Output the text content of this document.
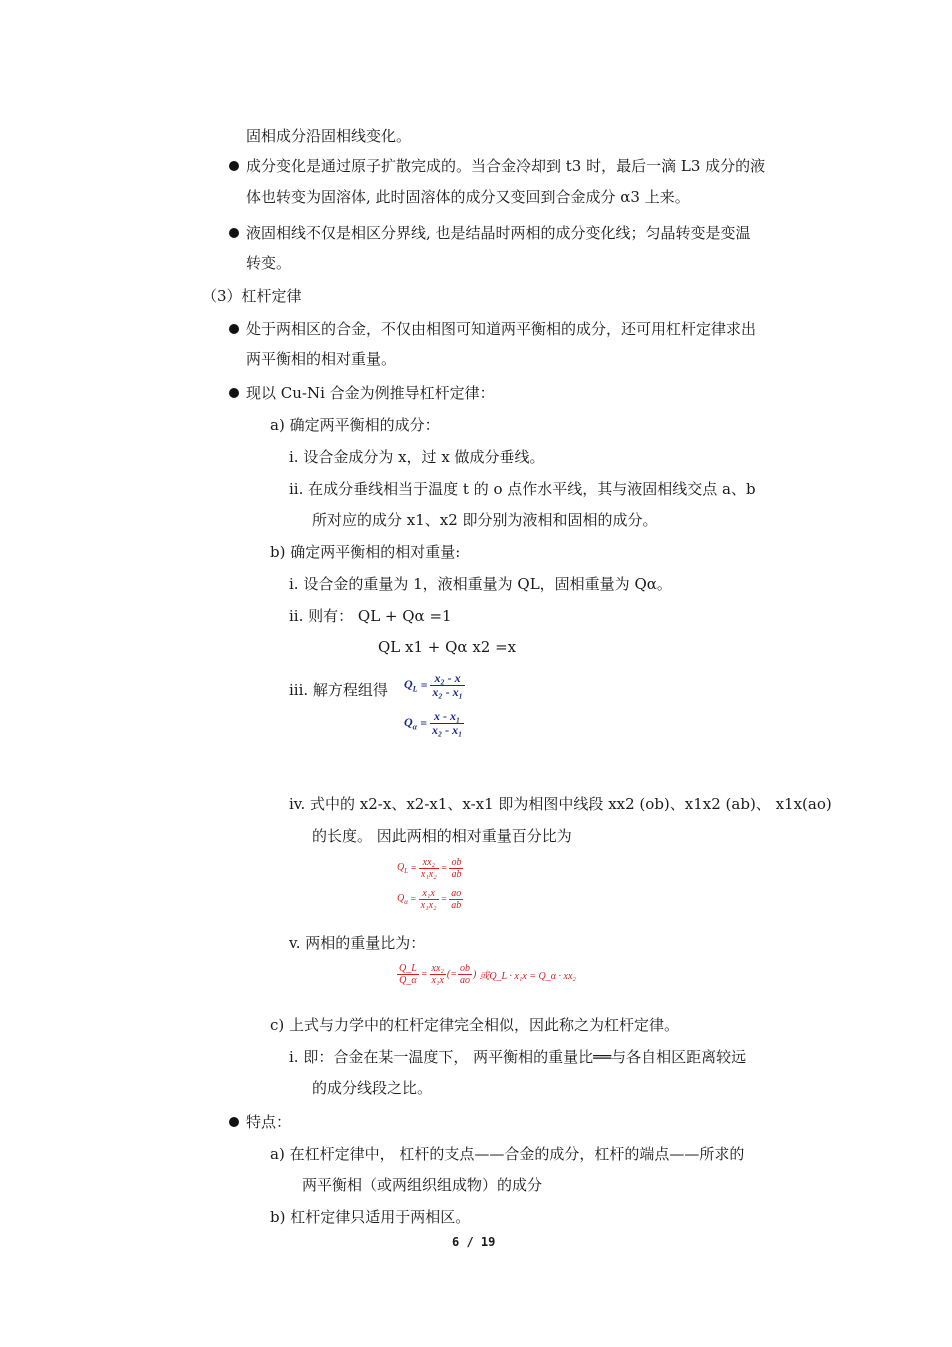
固相成分沿固相线变化。
成分变化是通过原子扩散完成的。当合金冷却到 t3 时，最后一滴 L3 成分的液
体也转变为固溶体, 此时固溶体的成分又变回到合金成分 α3 上来。
液固相线不仅是相区分界线, 也是结晶时两相的成分变化线；匀晶转变是变温
转变。
（3）杠杆定律
处于两相区的合金，不仅由相图可知道两平衡相的成分，还可用杠杆定律求出
两平衡相的相对重量。
现以 Cu-Ni 合金为例推导杠杆定律：
a) 确定两平衡相的成分：
i. 设合金成分为 x，过 x 做成分垂线。
ii. 在成分垂线相当于温度 t 的 o 点作水平线，其与液固相线交点 a、b
所对应的成分 x1、x2 即分别为液相和固相的成分。
b) 确定两平衡相的相对重量:
i. 设合金的重量为 1，液相重量为 QL，固相重量为 Qα。
ii. 则有： QL + Qα =1
QL x1 + Qα x2 =x
iii. 解方程组得 $Q_L = \frac{\text{x₂ - x}}{\text{x₂ - x₁}}$
$Q_\alpha = \frac{\text{x - x₁}}{\text{x₂ - x₁}}$
iv. 式中的 x2-x、x2-x1、x-x1 即为相图中线段 xx2 (ob)、x1x2 (ab)、 x1x(ao)
的长度。 因此两相的相对重量百分比为
$Q_L = \frac{\text{xx₂}}{\text{x₁x₂}} = \frac{ob}{ab}$
$Q_\alpha = \frac{\text{x₁x}}{\text{x₁x₂}} = \frac{ao}{ab}$
v. 两相的重量比为：
$\frac{Q\_L}{Q\_\alpha} = \frac{\text{xx₂}}{\text{x₁x}}$ (= $\frac{ob}{ao}$ ) 或Q_L · x₁x = Q_α · xx₂
c) 上式与力学中的杠杆定律完全相似，因此称之为杠杆定律。
i. 即：合金在某一温度下， 两平衡相的重量比══与各自相区距离较远
的成分线段之比。
特点：
a) 在杠杆定律中， 杠杆的支点——合金的成分，杠杆的端点——所求的
两平衡相（或两组织组成物）的成分
b) 杠杆定律只适用于两相区。
6 / 19
